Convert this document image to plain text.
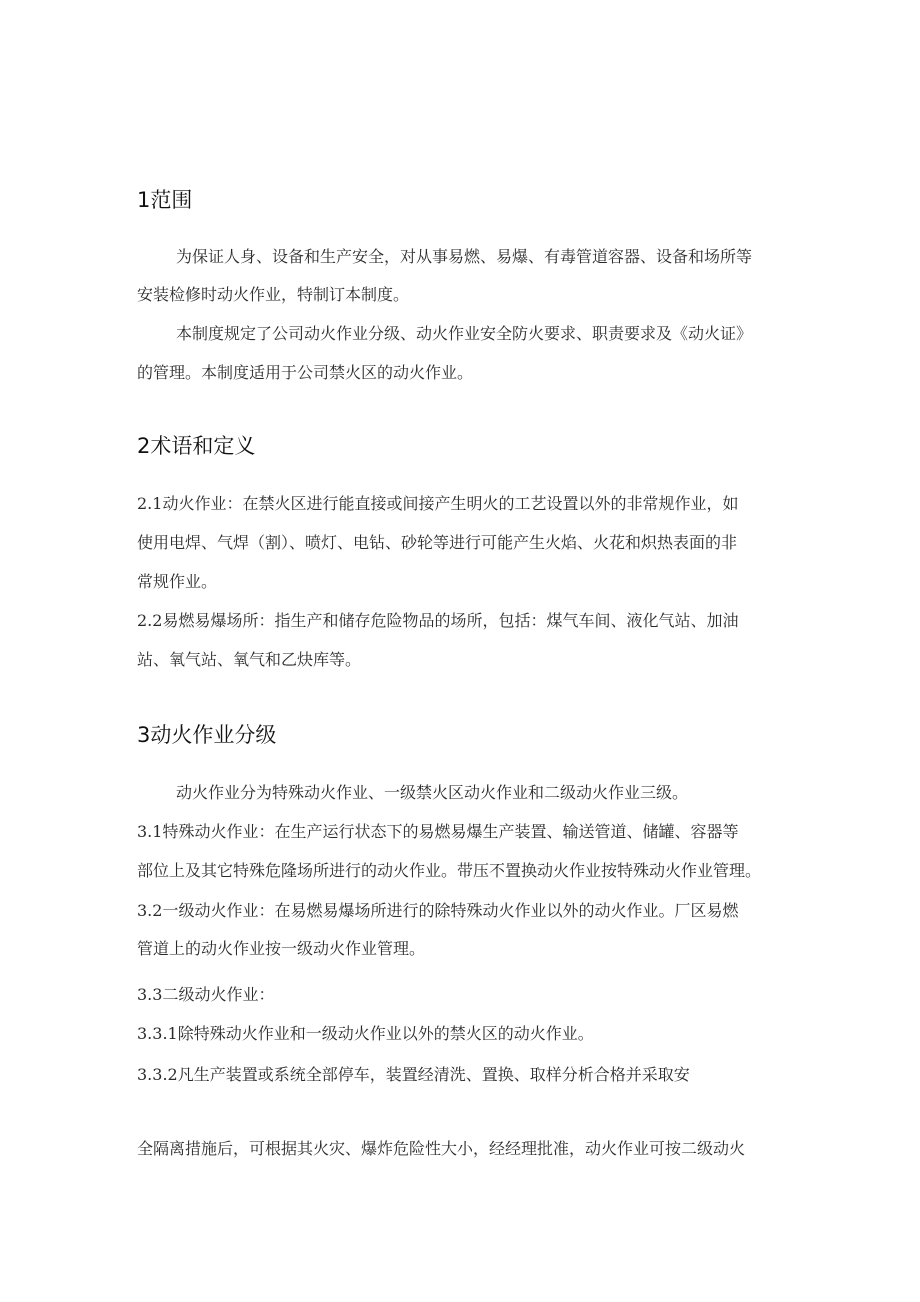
1范围

为保证人身、设备和生产安全，对从事易燃、易爆、有毒管道容器、设备和场所等

安装检修时动火作业，特制订本制度。

本制度规定了公司动火作业分级、动火作业安全防火要求、职责要求及《动火证》

的管理。本制度适用于公司禁火区的动火作业。

2术语和定义

2.1动火作业：在禁火区进行能直接或间接产生明火的工艺设置以外的非常规作业，如

使用电焊、气焊（割）、喷灯、电钻、砂轮等进行可能产生火焰、火花和炽热表面的非

常规作业。

2.2易燃易爆场所：指生产和储存危险物品的场所，包括：煤气车间、液化气站、加油

站、氧气站、氧气和乙炔库等。

3动火作业分级

动火作业分为特殊动火作业、一级禁火区动火作业和二级动火作业三级。

3.1特殊动火作业：在生产运行状态下的易燃易爆生产装置、输送管道、储罐、容器等

部位上及其它特殊危隆场所进行的动火作业。带压不置换动火作业按特殊动火作业管理。

3.2一级动火作业：在易燃易爆场所进行的除特殊动火作业以外的动火作业。厂区易燃

管道上的动火作业按一级动火作业管理。

3.3二级动火作业：

3.3.1除特殊动火作业和一级动火作业以外的禁火区的动火作业。

3.3.2凡生产装置或系统全部停车，装置经清洗、置换、取样分析合格并采取安

全隔离措施后，可根据其火灾、爆炸危险性大小，经经理批准，动火作业可按二级动火
